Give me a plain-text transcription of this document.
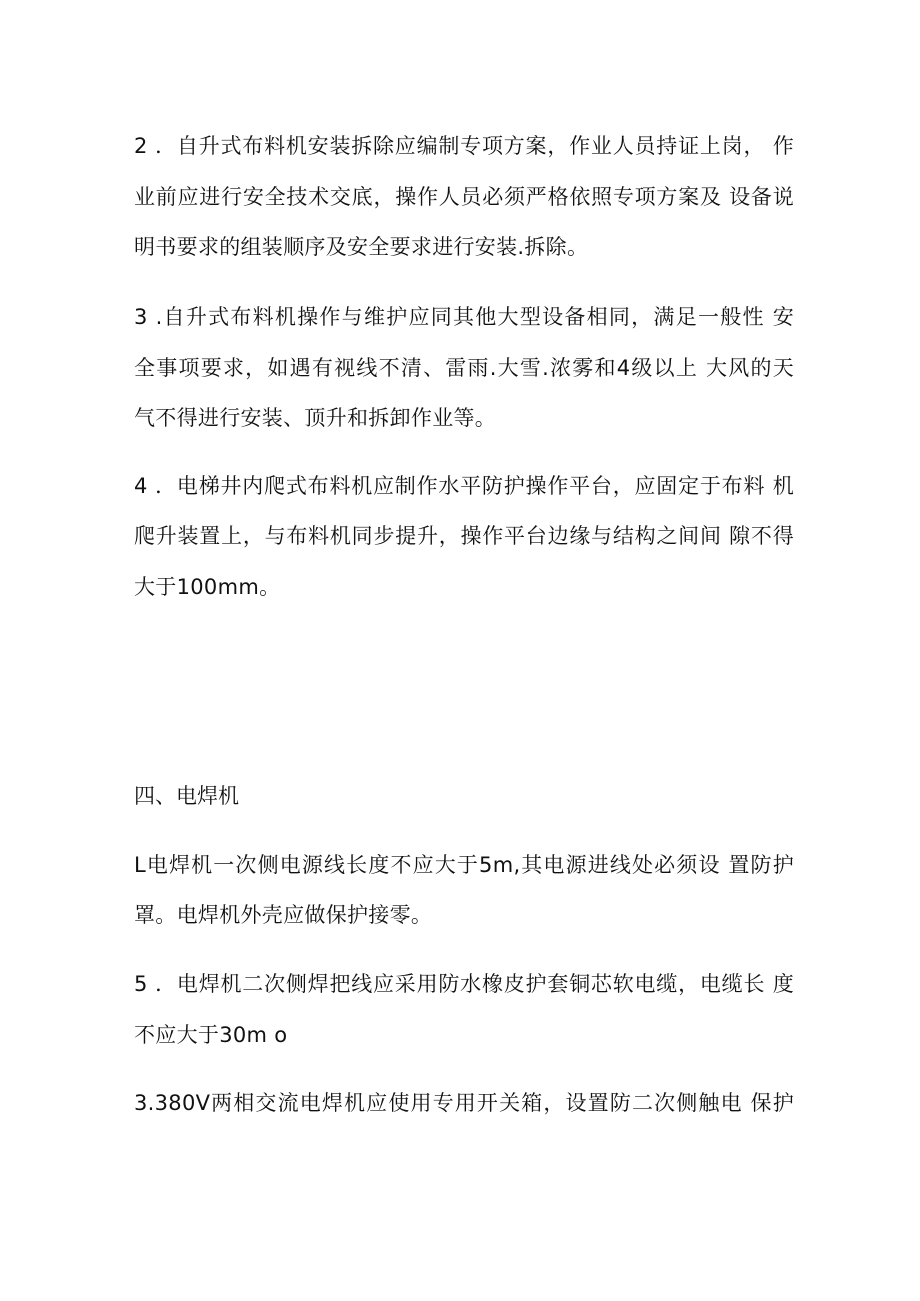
2 ．自升式布料机安装拆除应编制专项方案，作业人员持证上岗， 作
业前应进行安全技术交底，操作人员必须严格依照专项方案及 设备说
明书要求的组装顺序及安全要求进行安装.拆除。
3 .自升式布料机操作与维护应同其他大型设备相同，满足一般性 安
全事项要求，如遇有视线不清、雷雨.大雪.浓雾和4级以上 大风的天
气不得进行安装、顶升和拆卸作业等。
4 ．电梯井内爬式布料机应制作水平防护操作平台，应固定于布料 机
爬升装置上，与布料机同步提升，操作平台边缘与结构之间间 隙不得
大于100mm。
四、电焊机
L电焊机一次侧电源线长度不应大于5m,其电源进线处必须设 置防护
罩。电焊机外壳应做保护接零。
5 ．电焊机二次侧焊把线应采用防水橡皮护套铜芯软电缆，电缆长 度
不应大于30m o
3.380V两相交流电焊机应使用专用开关箱，设置防二次侧触电 保护
